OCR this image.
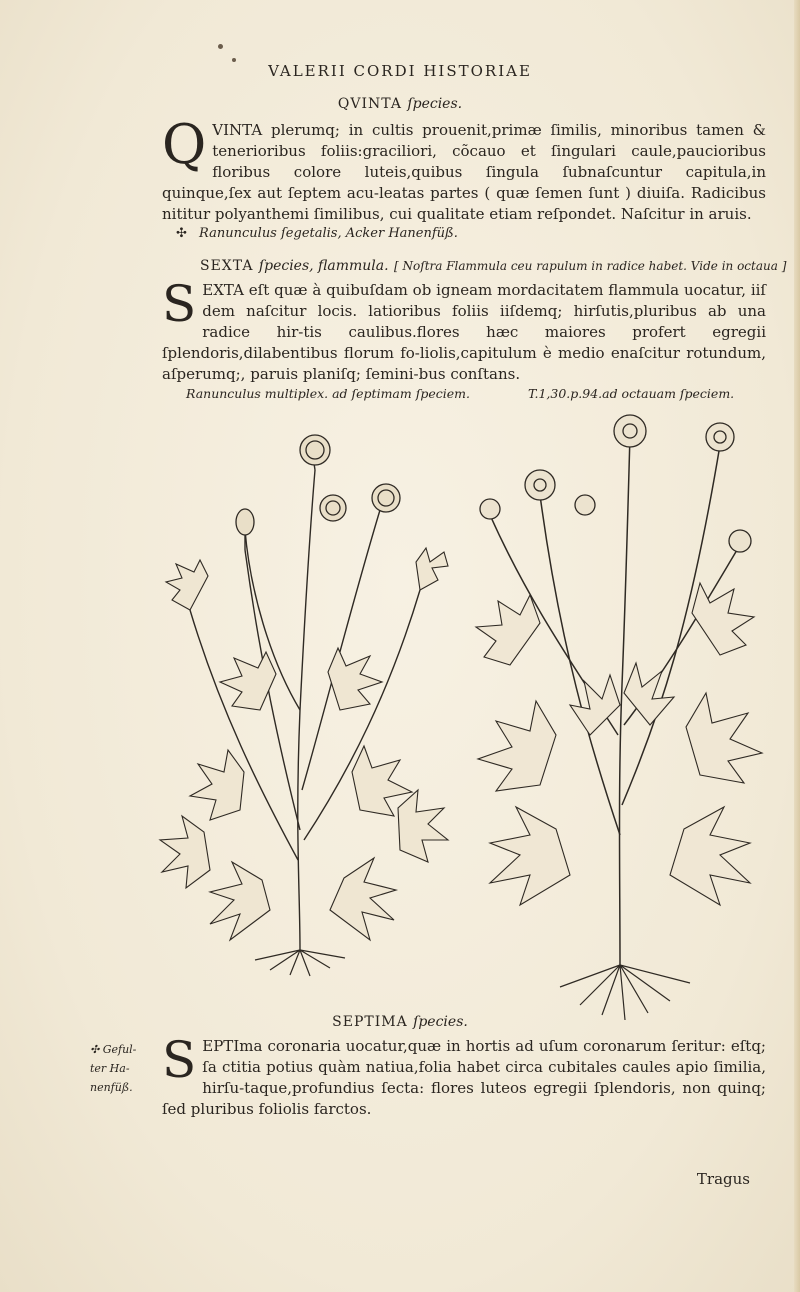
VALERII CORDI HISTORIAE
QVINTA ſpecies.
Q VINTA plerumq; in cultis prouenit,primæ ſimilis, minoribus tamen & tenerioribus foliis:graciliori, cõcauo et ſingulari caule,paucioribus floribus colore luteis,quibus ſingula ſubnaſcuntur capitula,in quinque,ſex aut ſeptem acu-leatas partes ( quæ ſemen ſunt ) diuiſa. Radicibus nititur polyanthemi ſimilibus, cui qualitate etiam reſpondet. Naſcitur in aruis.
✣ Ranunculus ſegetalis, Acker Hanenfüß.
SEXTA ſpecies, flammula. [ Noſtra Flammula ceu rapulum in radice habet. Vide in octaua ]
S EXTA eſt quæ à quibuſdam ob igneam mordacitatem flammula uocatur, iiſ dem naſcitur locis. latioribus foliis iiſdemq; hirſutis,pluribus ab una radice hir-tis caulibus.flores hæc maiores profert egregii ſplendoris,dilabentibus florum fo-liolis,capitulum è medio enaſcitur rotundum, aſperumq;, paruis planiſq; ſemini-bus conſtans.
Ranunculus multiplex. ad ſeptimam ſpeciem.	T.1,30.p.94.ad octauam ſpeciem.
SEPTIMA ſpecies.
✣ Geful-
ter Ha-
nenfüß. S EPTIma coronaria uocatur,quæ in hortis ad uſum coronarum ſeritur: eſtq; ſa ctitia potius quàm natiua,folia habet circa cubitales caules apio ſimilia, hirſu-taque,profundius ſecta: flores luteos egregii ſplendoris, non quinq; ſed pluribus foliolis farctos.
Tragus
